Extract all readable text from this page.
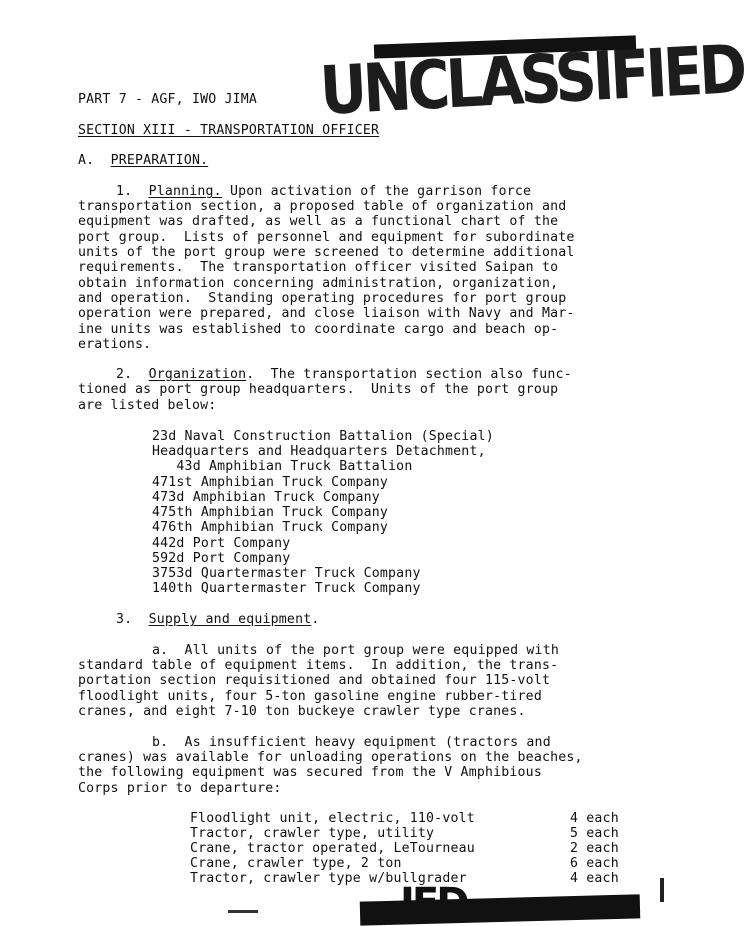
UNCLASSIFIED
PART 7 - AGF, IWO JIMA
SECTION XIII - TRANSPORTATION OFFICER
A. PREPARATION.
1. Planning. Upon activation of the garrison force
transportation section, a proposed table of organization and
equipment was drafted, as well as a functional chart of the
port group.  Lists of personnel and equipment for subordinate
units of the port group were screened to determine additional
requirements.  The transportation officer visited Saipan to
obtain information concerning administration, organization,
and operation.  Standing operating procedures for port group
operation were prepared, and close liaison with Navy and Mar-
ine units was established to coordinate cargo and beach op-
erations.
2. Organization.  The transportation section also func-
tioned as port group headquarters.  Units of the port group
are listed below:
23d Naval Construction Battalion (Special)
Headquarters and Headquarters Detachment,
43d Amphibian Truck Battalion
471st Amphibian Truck Company
473d Amphibian Truck Company
475th Amphibian Truck Company
476th Amphibian Truck Company
442d Port Company
592d Port Company
3753d Quartermaster Truck Company
140th Quartermaster Truck Company
3. Supply and equipment.
a.  All units of the port group were equipped with
standard table of equipment items.  In addition, the trans-
portation section requisitioned and obtained four 115-volt
floodlight units, four 5-ton gasoline engine rubber-tired
cranes, and eight 7-10 ton buckeye crawler type cranes.
b.  As insufficient heavy equipment (tractors and
cranes) was available for unloading operations on the beaches,
the following equipment was secured from the V Amphibious
Corps prior to departure:
Floodlight unit, electric, 110-volt	4 each
Tractor, crawler type, utility	5 each
Crane, tractor operated, LeTourneau	2 each
Crane, crawler type, 2 ton	6 each
Tractor, crawler type w/bullgrader	4 each
IED
